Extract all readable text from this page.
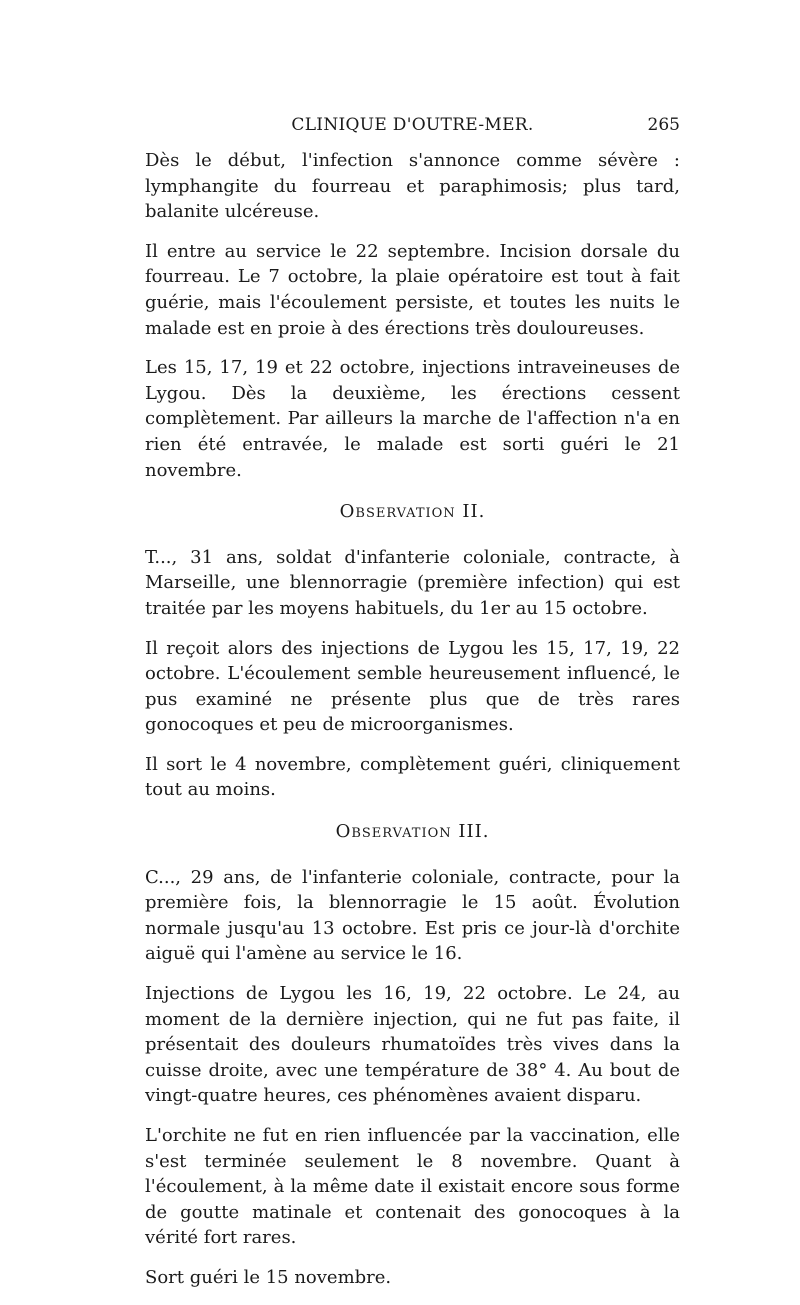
CLINIQUE D'OUTRE-MER.	265

Dès le début, l'infection s'annonce comme sévère : lymphangite du fourreau et paraphimosis; plus tard, balanite ulcéreuse.

Il entre au service le 22 septembre. Incision dorsale du fourreau. Le 7 octobre, la plaie opératoire est tout à fait guérie, mais l'écoulement persiste, et toutes les nuits le malade est en proie à des érections très douloureuses.

Les 15, 17, 19 et 22 octobre, injections intraveineuses de Lygou. Dès la deuxième, les érections cessent complètement. Par ailleurs la marche de l'affection n'a en rien été entravée, le malade est sorti guéri le 21 novembre.

OBSERVATION II.

T..., 31 ans, soldat d'infanterie coloniale, contracte, à Marseille, une blennorragie (première infection) qui est traitée par les moyens habituels, du 1er au 15 octobre.

Il reçoit alors des injections de Lygou les 15, 17, 19, 22 octobre. L'écoulement semble heureusement influencé, le pus examiné ne présente plus que de très rares gonocoques et peu de microorganismes.

Il sort le 4 novembre, complètement guéri, cliniquement tout au moins.

OBSERVATION III.

C..., 29 ans, de l'infanterie coloniale, contracte, pour la première fois, la blennorragie le 15 août. Évolution normale jusqu'au 13 octobre. Est pris ce jour-là d'orchite aiguë qui l'amène au service le 16.

Injections de Lygou les 16, 19, 22 octobre. Le 24, au moment de la dernière injection, qui ne fut pas faite, il présentait des douleurs rhumatoïdes très vives dans la cuisse droite, avec une température de 38° 4. Au bout de vingt-quatre heures, ces phénomènes avaient disparu.

L'orchite ne fut en rien influencée par la vaccination, elle s'est terminée seulement le 8 novembre. Quant à l'écoulement, à la même date il existait encore sous forme de goutte matinale et contenait des gonocoques à la vérité fort rares.

Sort guéri le 15 novembre.
